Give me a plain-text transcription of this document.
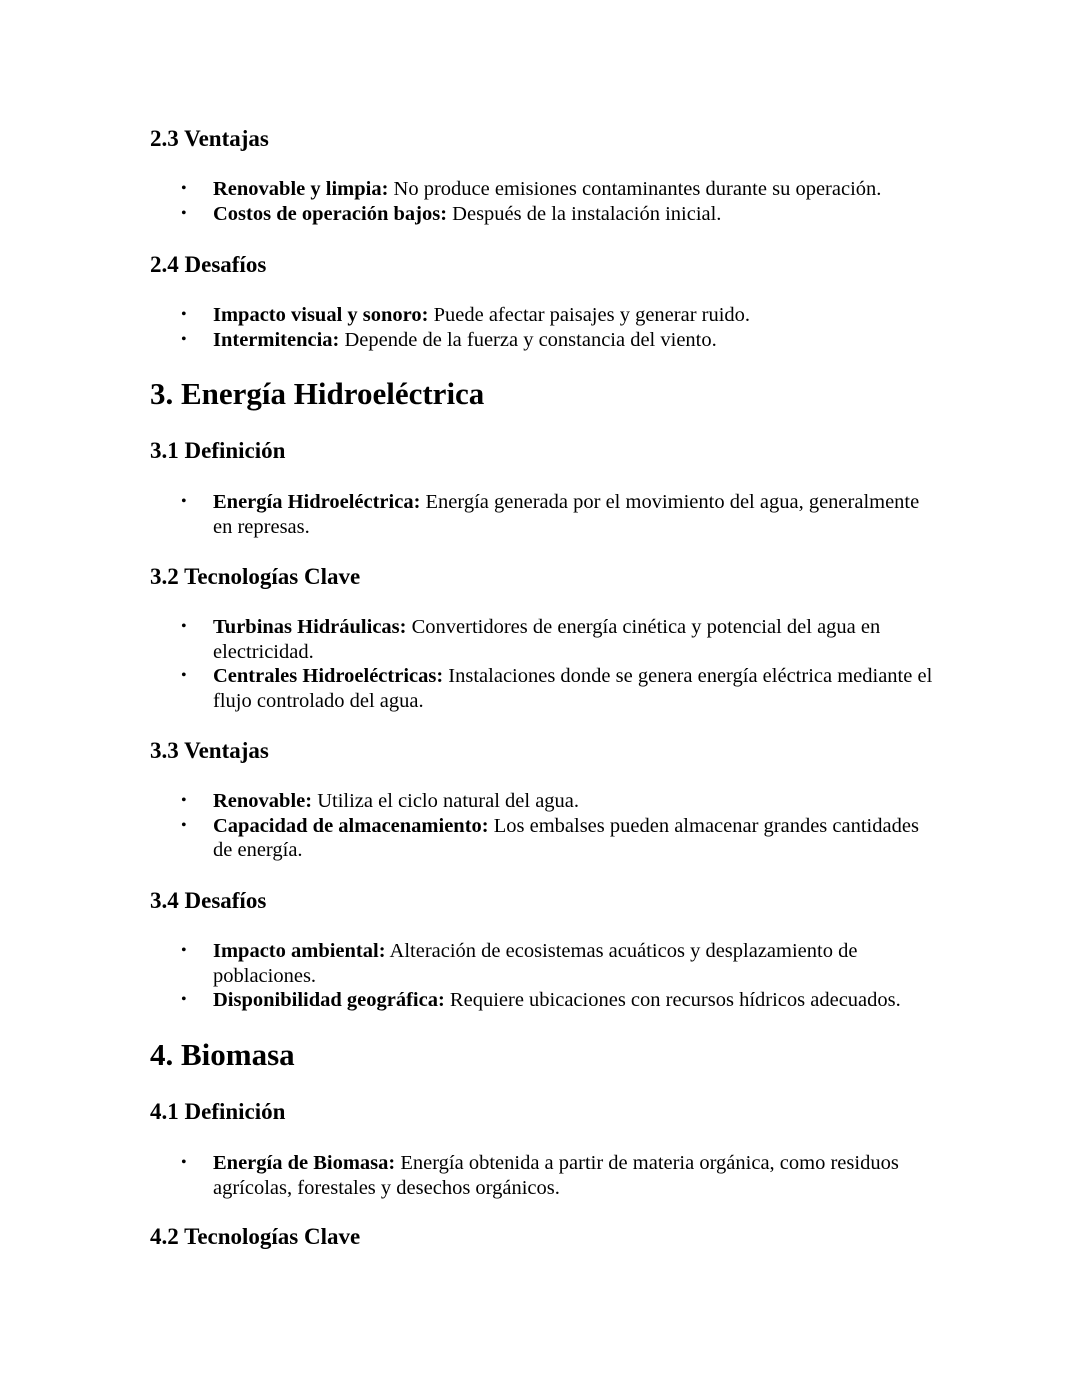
2.3 Ventajas
• Renovable y limpia: No produce emisiones contaminantes durante su operación.
• Costos de operación bajos: Después de la instalación inicial.
2.4 Desafíos
• Impacto visual y sonoro: Puede afectar paisajes y generar ruido.
• Intermitencia: Depende de la fuerza y constancia del viento.
3. Energía Hidroeléctrica
3.1 Definición
• Energía Hidroeléctrica: Energía generada por el movimiento del agua, generalmente en represas.
3.2 Tecnologías Clave
• Turbinas Hidráulicas: Convertidores de energía cinética y potencial del agua en electricidad.
• Centrales Hidroeléctricas: Instalaciones donde se genera energía eléctrica mediante el flujo controlado del agua.
3.3 Ventajas
• Renovable: Utiliza el ciclo natural del agua.
• Capacidad de almacenamiento: Los embalses pueden almacenar grandes cantidades de energía.
3.4 Desafíos
• Impacto ambiental: Alteración de ecosistemas acuáticos y desplazamiento de poblaciones.
• Disponibilidad geográfica: Requiere ubicaciones con recursos hídricos adecuados.
4. Biomasa
4.1 Definición
• Energía de Biomasa: Energía obtenida a partir de materia orgánica, como residuos agrícolas, forestales y desechos orgánicos.
4.2 Tecnologías Clave
